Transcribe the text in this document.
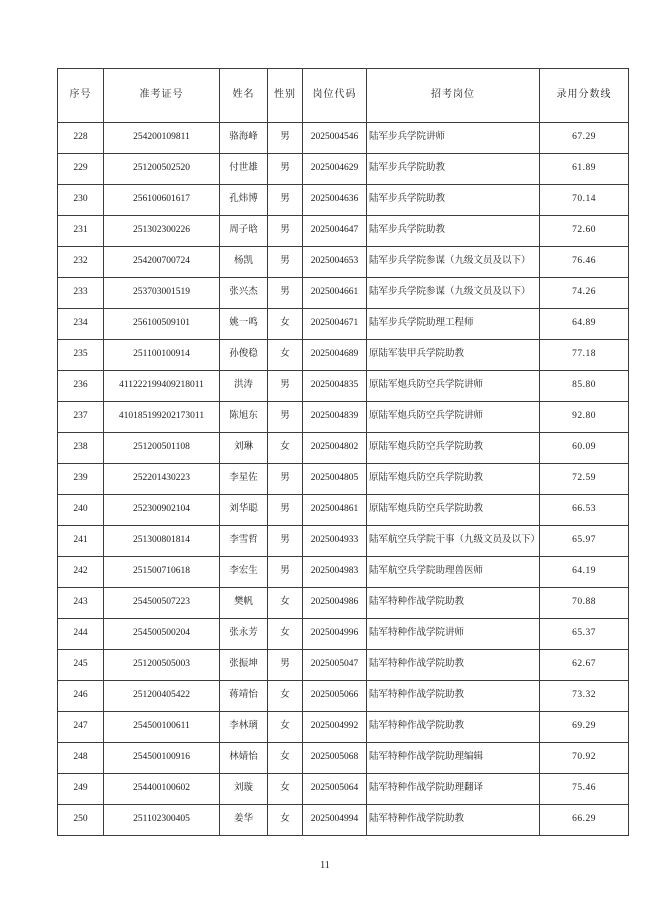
序号	准考证号	姓名	性别	岗位代码	招考岗位	录用分数线
228	254200109811	骆海峰	男	2025004546	陆军步兵学院讲师	67.29
229	251200502520	付世雄	男	2025004629	陆军步兵学院助教	61.89
230	256100601617	孔炜博	男	2025004636	陆军步兵学院助教	70.14
231	251302300226	周子晗	男	2025004647	陆军步兵学院助教	72.60
232	254200700724	杨凯	男	2025004653	陆军步兵学院参谋（九级文员及以下）	76.46
233	253703001519	张兴杰	男	2025004661	陆军步兵学院参谋（九级文员及以下）	74.26
234	256100509101	姚一鸣	女	2025004671	陆军步兵学院助理工程师	64.89
235	251100100914	孙俊稳	女	2025004689	原陆军装甲兵学院助教	77.18
236	411222199409218011	洪涛	男	2025004835	原陆军炮兵防空兵学院讲师	85.80
237	410185199202173011	陈旭东	男	2025004839	原陆军炮兵防空兵学院讲师	92.80
238	251200501108	刘琳	女	2025004802	原陆军炮兵防空兵学院助教	60.09
239	252201430223	李星佐	男	2025004805	原陆军炮兵防空兵学院助教	72.59
240	252300902104	刘华聪	男	2025004861	原陆军炮兵防空兵学院助教	66.53
241	251300801814	李雪哲	男	2025004933	陆军航空兵学院干事（九级文员及以下）	65.97
242	251500710618	李宏生	男	2025004983	陆军航空兵学院助理兽医师	64.19
243	254500507223	樊帆	女	2025004986	陆军特种作战学院助教	70.88
244	254500500204	张永芳	女	2025004996	陆军特种作战学院讲师	65.37
245	251200505003	张振坤	男	2025005047	陆军特种作战学院助教	62.67
246	251200405422	蒋靖怡	女	2025005066	陆军特种作战学院助教	73.32
247	254500100611	李林璃	女	2025004992	陆军特种作战学院助教	69.29
248	254500100916	林婧怡	女	2025005068	陆军特种作战学院助理编辑	70.92
249	254400100602	刘璇	女	2025005064	陆军特种作战学院助理翻译	75.46
250	251102300405	姜华	女	2025004994	陆军特种作战学院助教	66.29
11
